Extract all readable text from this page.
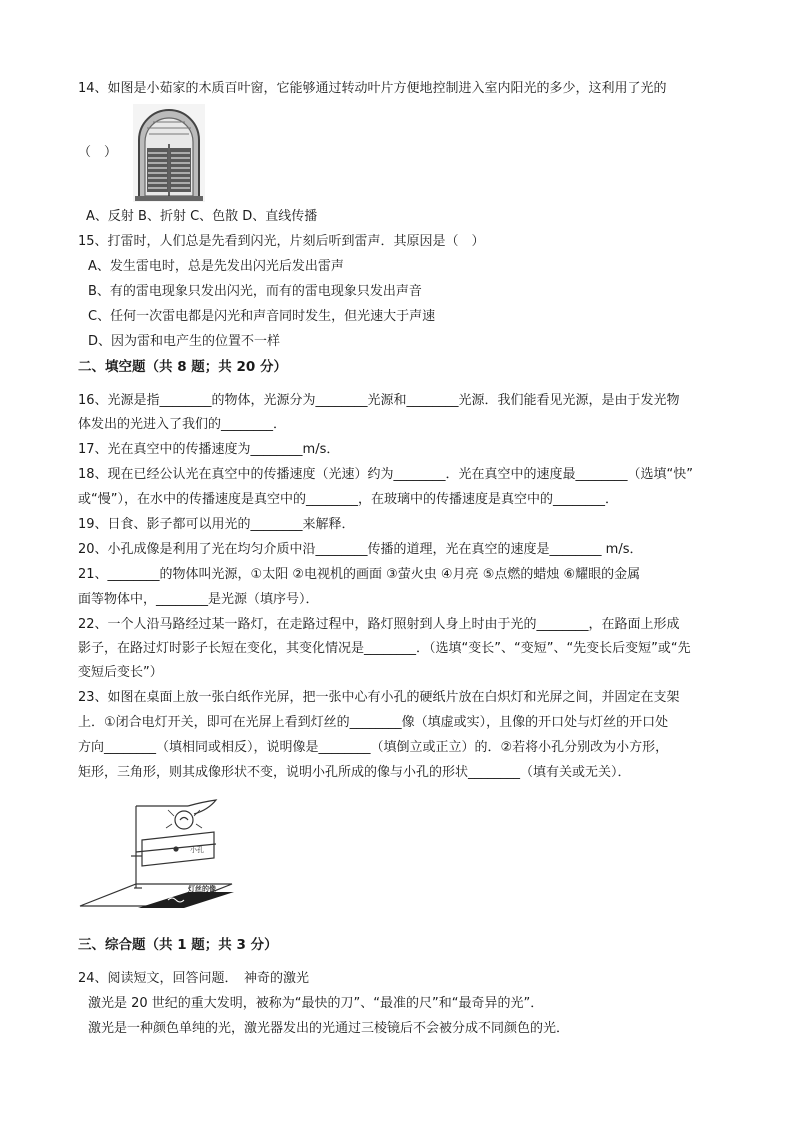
14、如图是小茹家的木质百叶窗，它能够通过转动叶片方便地控制进入室内阳光的多少，这利用了光的
（　）
A、反射 B、折射 C、色散 D、直线传播
15、打雷时，人们总是先看到闪光，片刻后听到雷声．其原因是（　）
A、发生雷电时，总是先发出闪光后发出雷声
B、有的雷电现象只发出闪光，而有的雷电现象只发出声音
C、任何一次雷电都是闪光和声音同时发生，但光速大于声速
D、因为雷和电产生的位置不一样
二、填空题（共 8 题；共 20 分）
16、光源是指________的物体，光源分为________光源和________光源．我们能看见光源，是由于发光物
体发出的光进入了我们的________．
17、光在真空中的传播速度为________m/s．
18、现在已经公认光在真空中的传播速度（光速）约为________．光在真空中的速度最________（选填“快”
或“慢”），在水中的传播速度是真空中的________，在玻璃中的传播速度是真空中的________．
19、日食、影子都可以用光的________来解释．
20、小孔成像是利用了光在均匀介质中沿________传播的道理，光在真空的速度是________ m/s．
21、________的物体叫光源，①太阳 ②电视机的画面 ③萤火虫 ④月亮 ⑤点燃的蜡烛 ⑥耀眼的金属
面等物体中，________是光源（填序号）．
22、一个人沿马路经过某一路灯，在走路过程中，路灯照射到人身上时由于光的________，在路面上形成
影子，在路过灯时影子长短在变化，其变化情况是________．（选填“变长”、“变短”、“先变长后变短”或“先
变短后变长”）
23、如图在桌面上放一张白纸作光屏，把一张中心有小孔的硬纸片放在白炽灯和光屏之间，并固定在支架
上．①闭合电灯开关，即可在光屏上看到灯丝的________像（填虚或实），且像的开口处与灯丝的开口处
方向________（填相同或相反），说明像是________（填倒立或正立）的．②若将小孔分别改为小方形，
矩形，三角形，则其成像形状不变，说明小孔所成的像与小孔的形状________（填有关或无关）．
小孔
灯丝的像
三、综合题（共 1 题；共 3 分）
24、阅读短文，回答问题．　神奇的激光
激光是 20 世纪的重大发明，被称为“最快的刀”、“最准的尺”和“最奇异的光”．
激光是一种颜色单纯的光，激光器发出的光通过三棱镜后不会被分成不同颜色的光．
